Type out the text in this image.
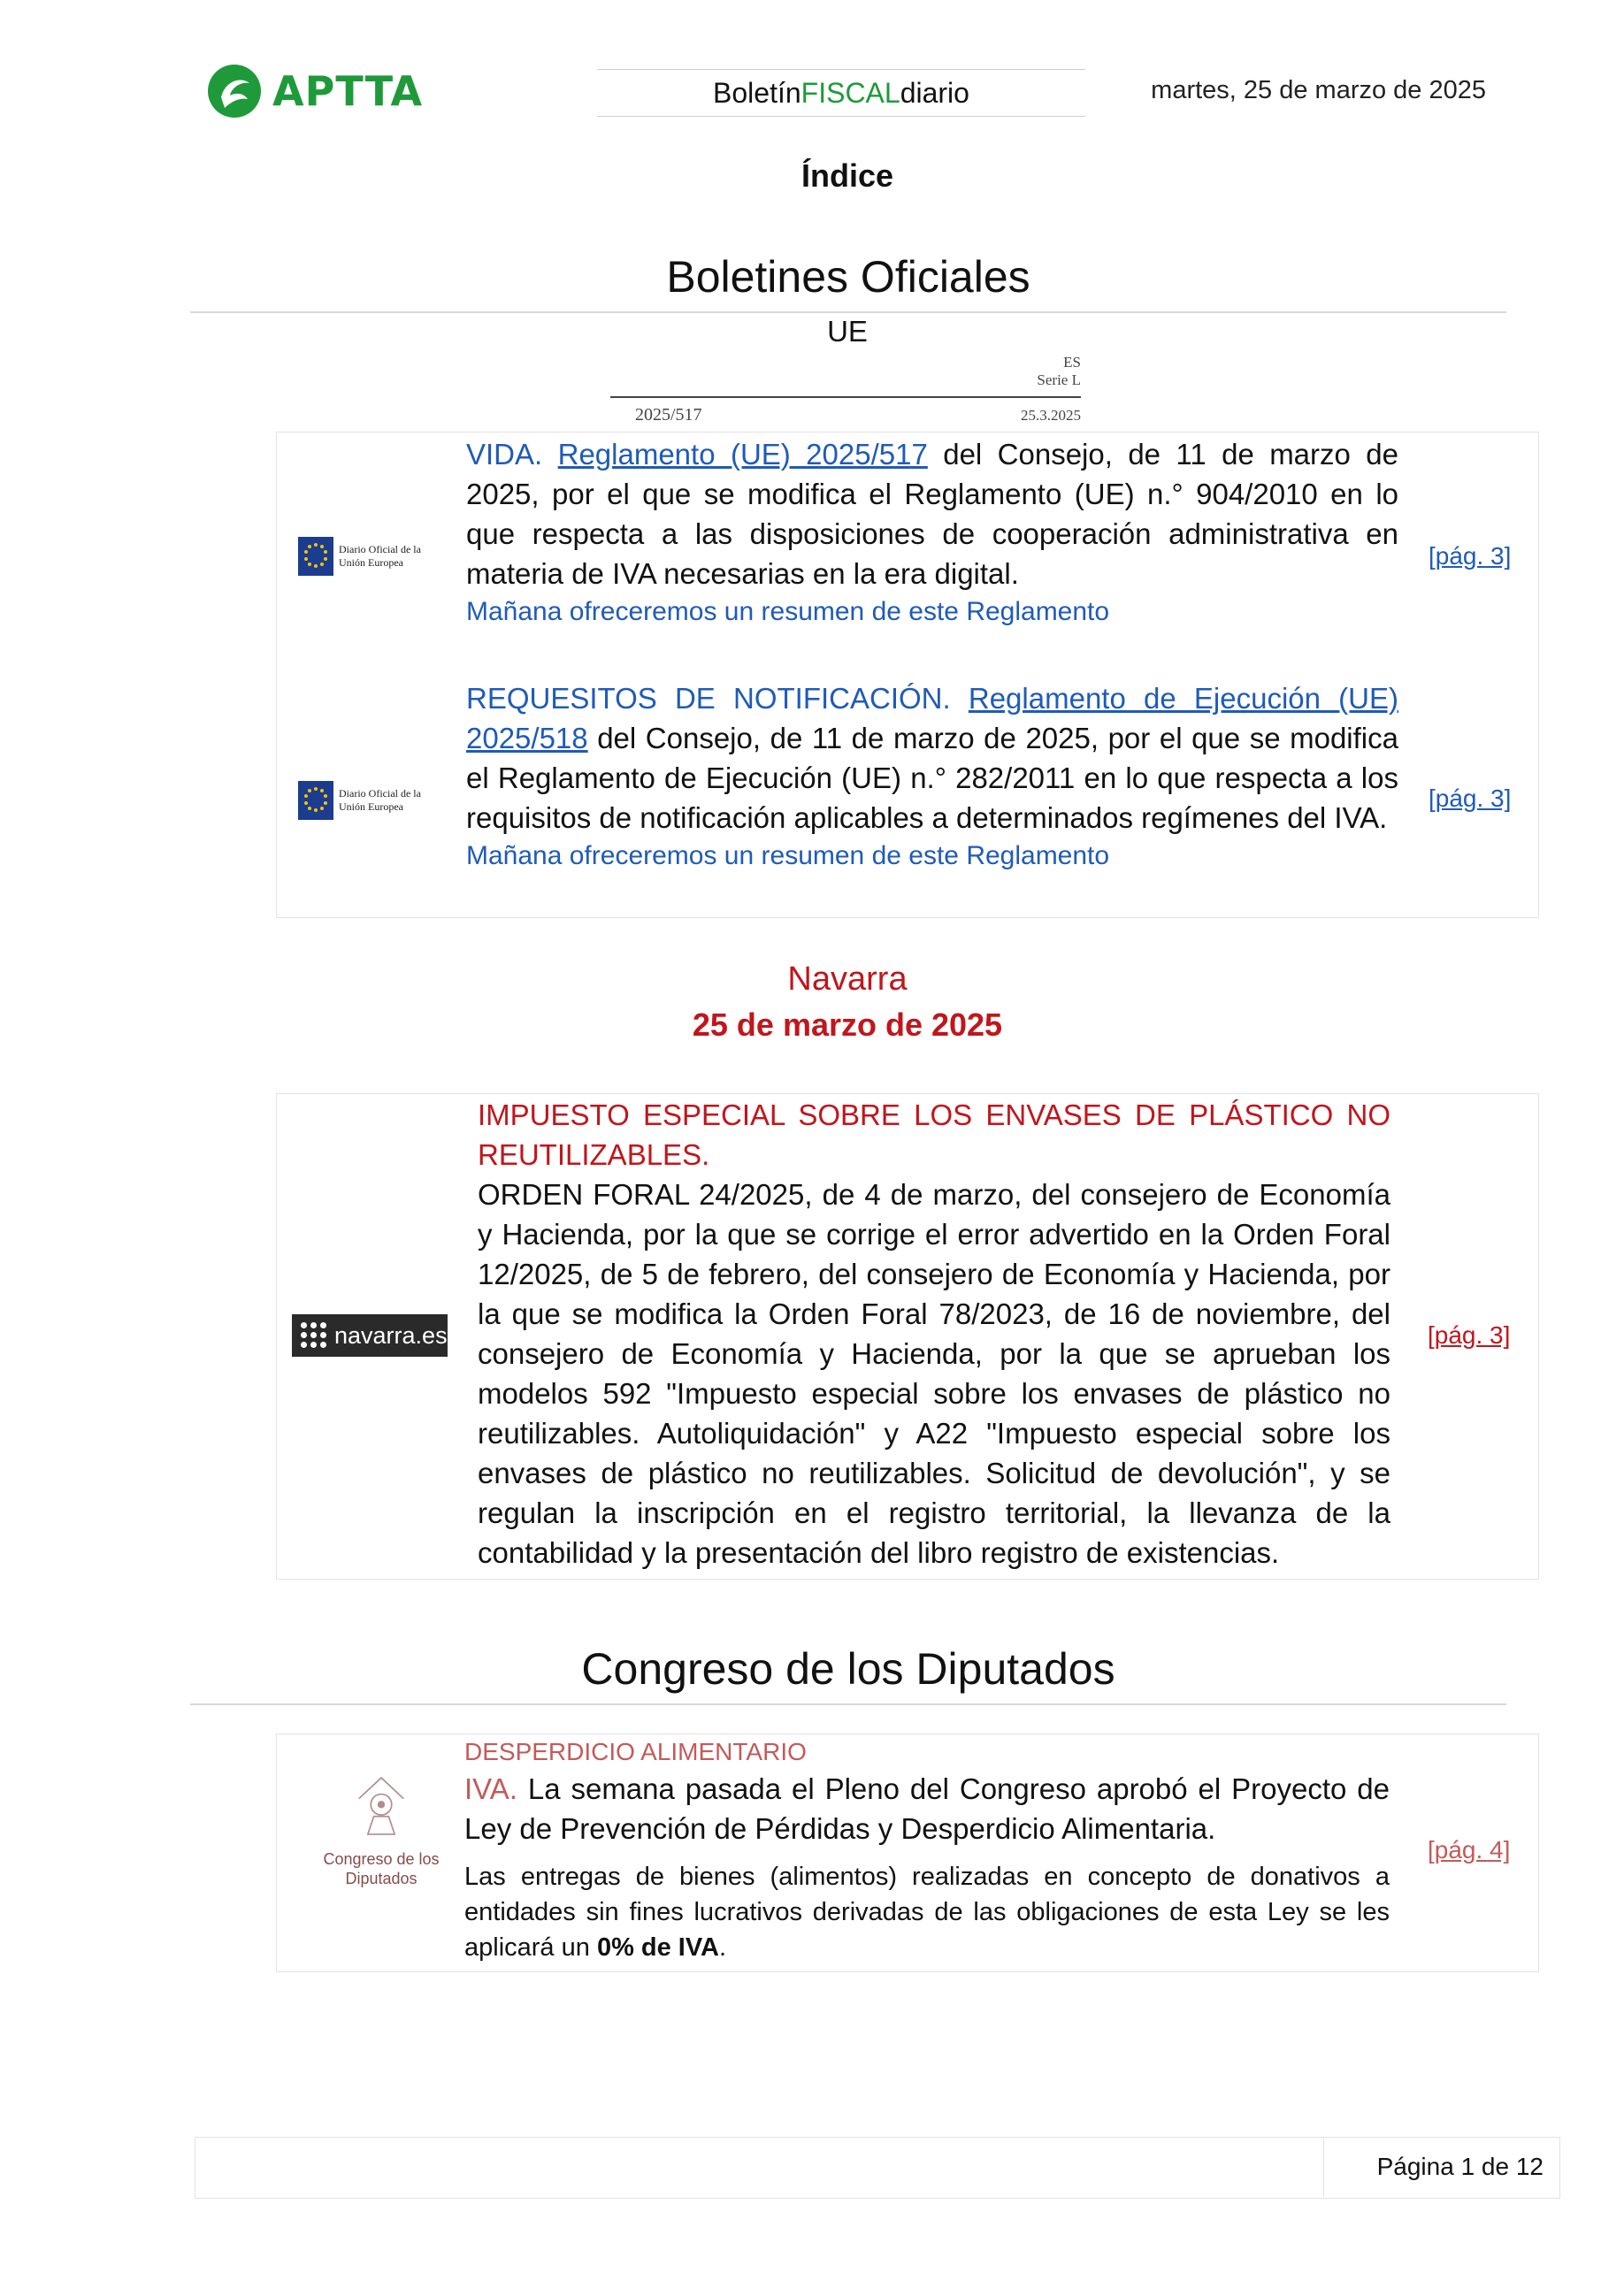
APTTA	Boletín FISCAL diario	martes, 25 de marzo de 2025
Índice
Boletines Oficiales
UE
ES
Serie L
2025/517	25.3.2025
Diario Oficial de la Unión Europea
VIDA. Reglamento (UE) 2025/517 del Consejo, de 11 de marzo de 2025, por el que se modifica el Reglamento (UE) n.° 904/2010 en lo que respecta a las disposiciones de cooperación administrativa en materia de IVA necesarias en la era digital.
Mañana ofreceremos un resumen de este Reglamento
[pág. 3]
Diario Oficial de la Unión Europea
REQUESITOS DE NOTIFICACIÓN. Reglamento de Ejecución (UE) 2025/518 del Consejo, de 11 de marzo de 2025, por el que se modifica el Reglamento de Ejecución (UE) n.° 282/2011 en lo que respecta a los requisitos de notificación aplicables a determinados regímenes del IVA.
Mañana ofreceremos un resumen de este Reglamento
[pág. 3]
Navarra
25 de marzo de 2025
navarra.es
IMPUESTO ESPECIAL SOBRE LOS ENVASES DE PLÁSTICO NO REUTILIZABLES.
ORDEN FORAL 24/2025, de 4 de marzo, del consejero de Economía y Hacienda, por la que se corrige el error advertido en la Orden Foral 12/2025, de 5 de febrero, del consejero de Economía y Hacienda, por la que se modifica la Orden Foral 78/2023, de 16 de noviembre, del consejero de Economía y Hacienda, por la que se aprueban los modelos 592 "Impuesto especial sobre los envases de plástico no reutilizables. Autoliquidación" y A22 "Impuesto especial sobre los envases de plástico no reutilizables. Solicitud de devolución", y se regulan la inscripción en el registro territorial, la llevanza de la contabilidad y la presentación del libro registro de existencias.
[pág. 3]
Congreso de los Diputados
Congreso de los Diputados
DESPERDICIO ALIMENTARIO
IVA. La semana pasada el Pleno del Congreso aprobó el Proyecto de Ley de Prevención de Pérdidas y Desperdicio Alimentaria.
Las entregas de bienes (alimentos) realizadas en concepto de donativos a entidades sin fines lucrativos derivadas de las obligaciones de esta Ley se les aplicará un 0% de IVA.
[pág. 4]
Página 1 de 12
